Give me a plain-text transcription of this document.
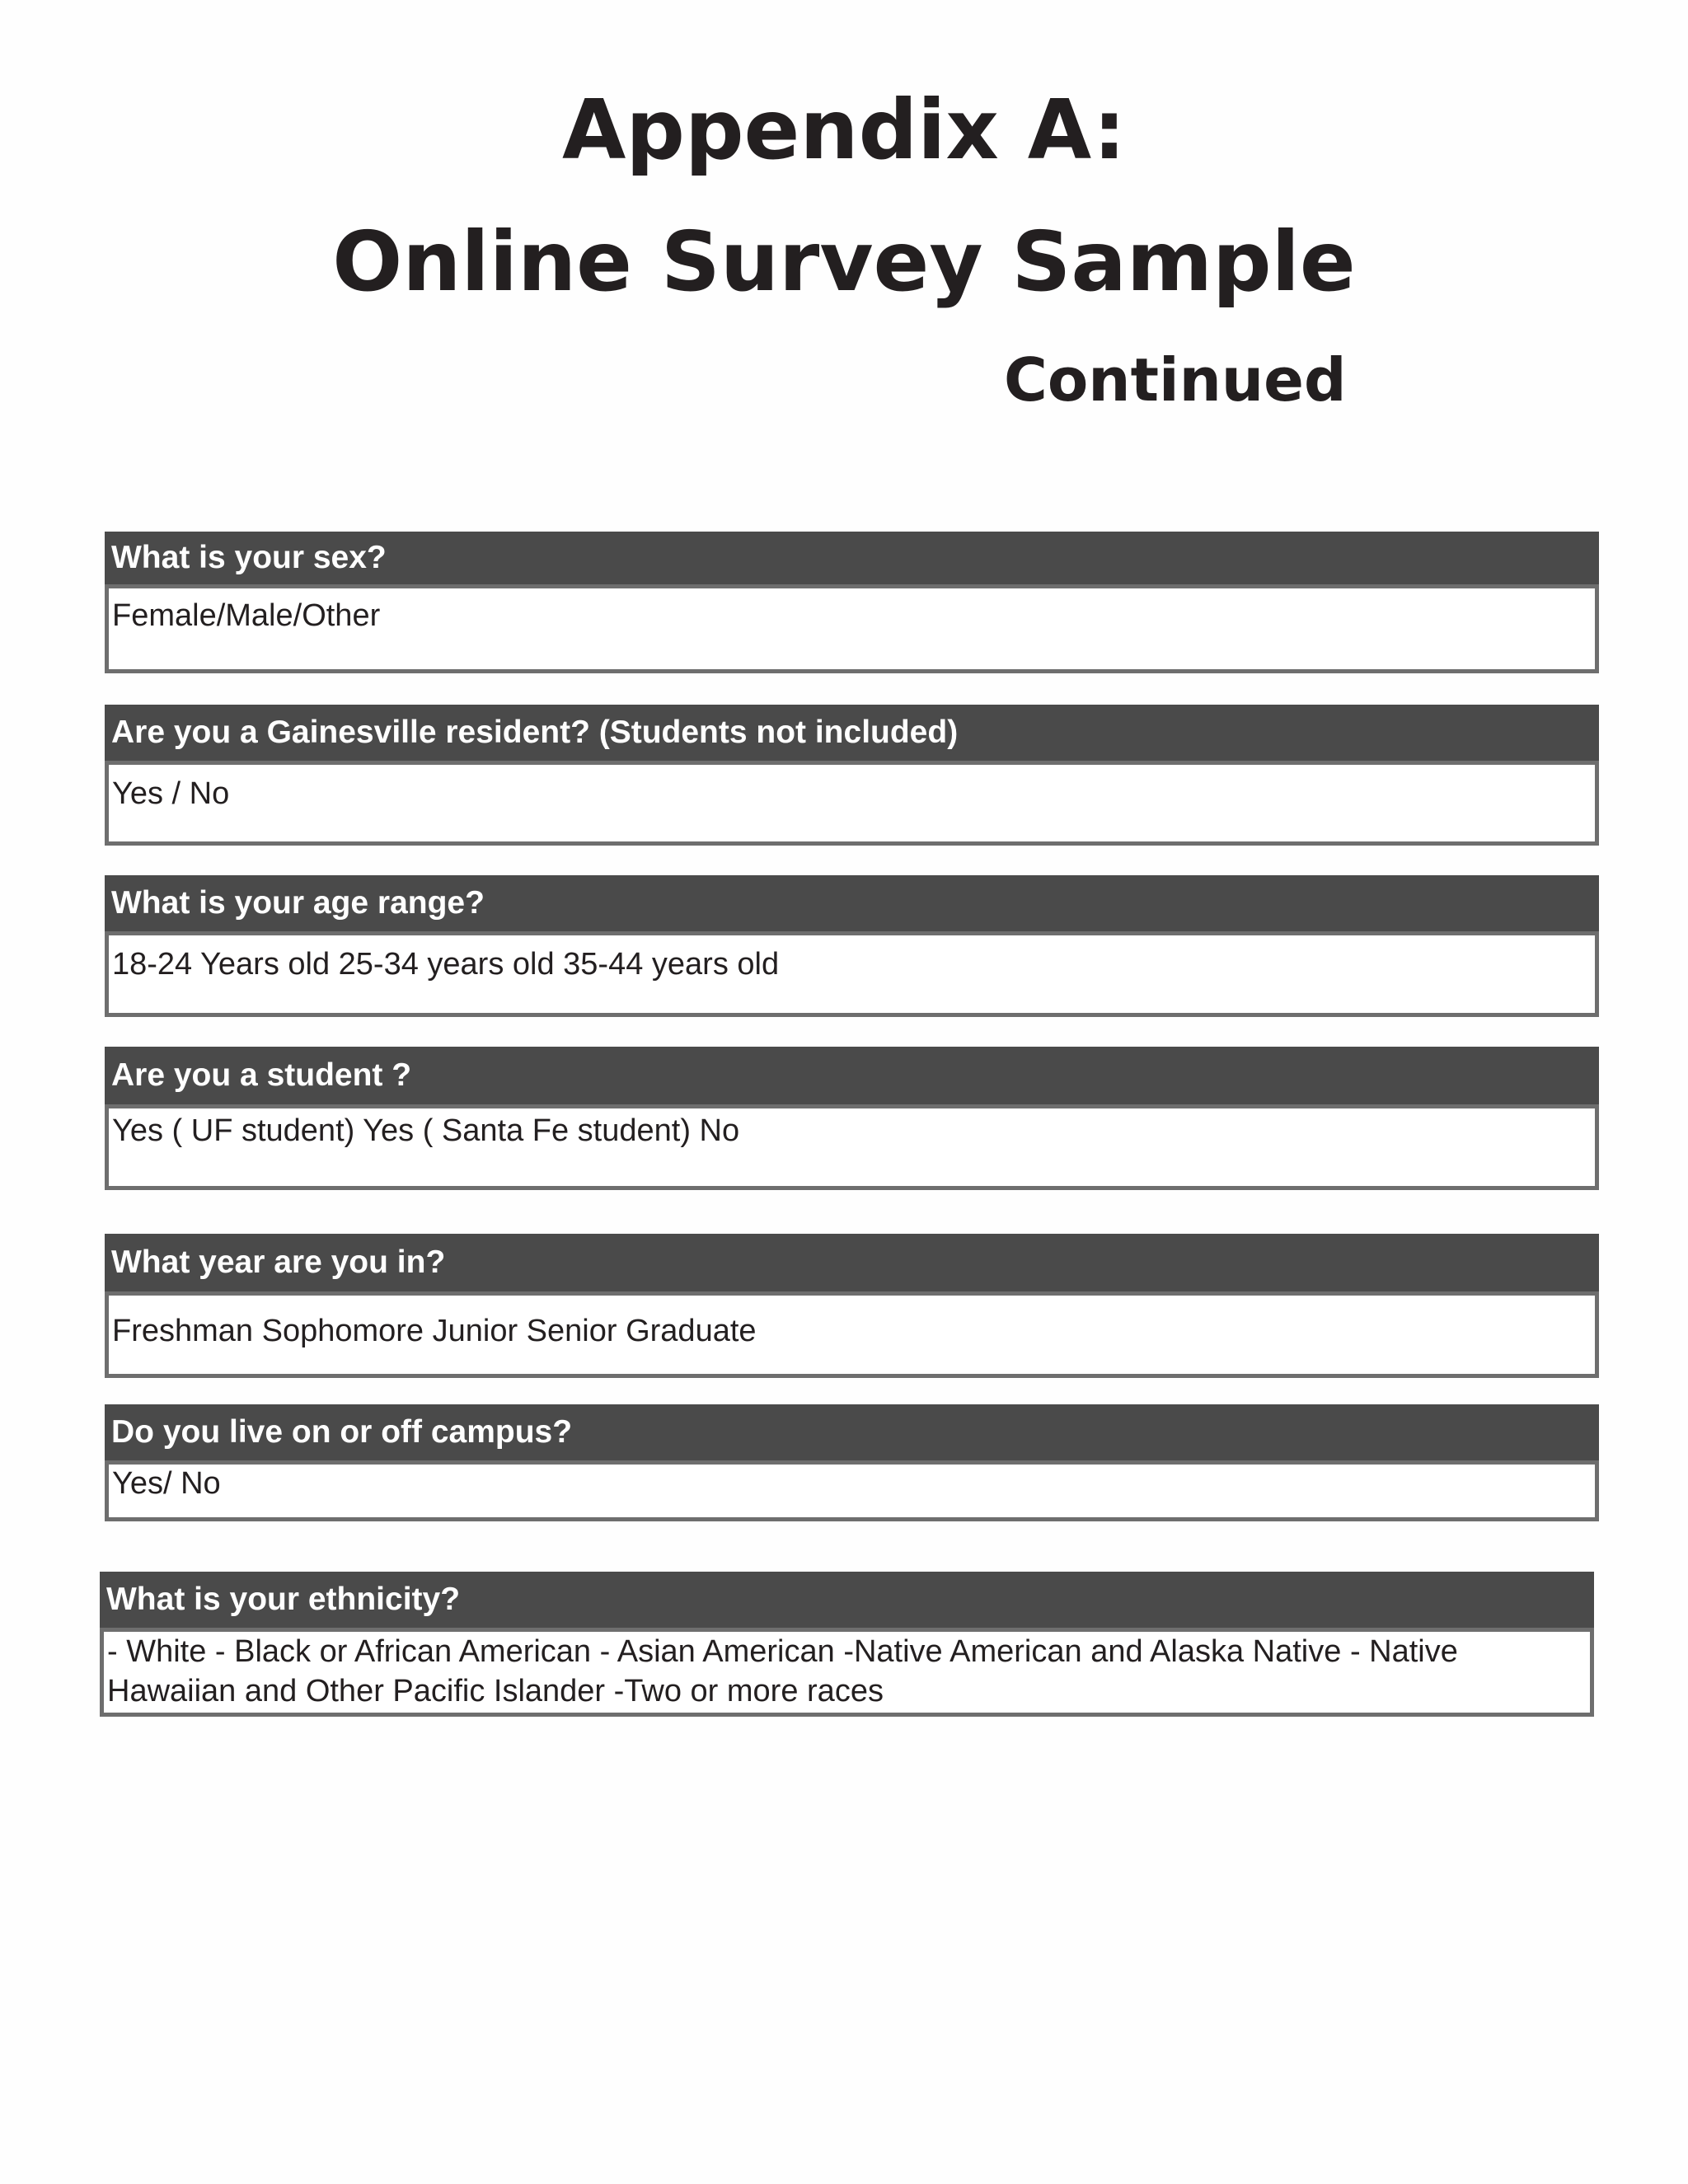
Appendix A:
Online Survey Sample
Continued
What is your sex?
Female/Male/Other
Are you a Gainesville resident? (Students not included)
Yes / No
What is your age range?
18-24 Years old 25-34 years old 35-44 years old
Are you a student ?
Yes ( UF student) Yes ( Santa Fe student) No
What year are you in?
Freshman Sophomore Junior Senior Graduate
Do you live on or off campus?
Yes/ No
What is your ethnicity?
- White - Black or African American - Asian American -Native American and Alaska Native - Native Hawaiian and Other Pacific Islander -Two or more races
